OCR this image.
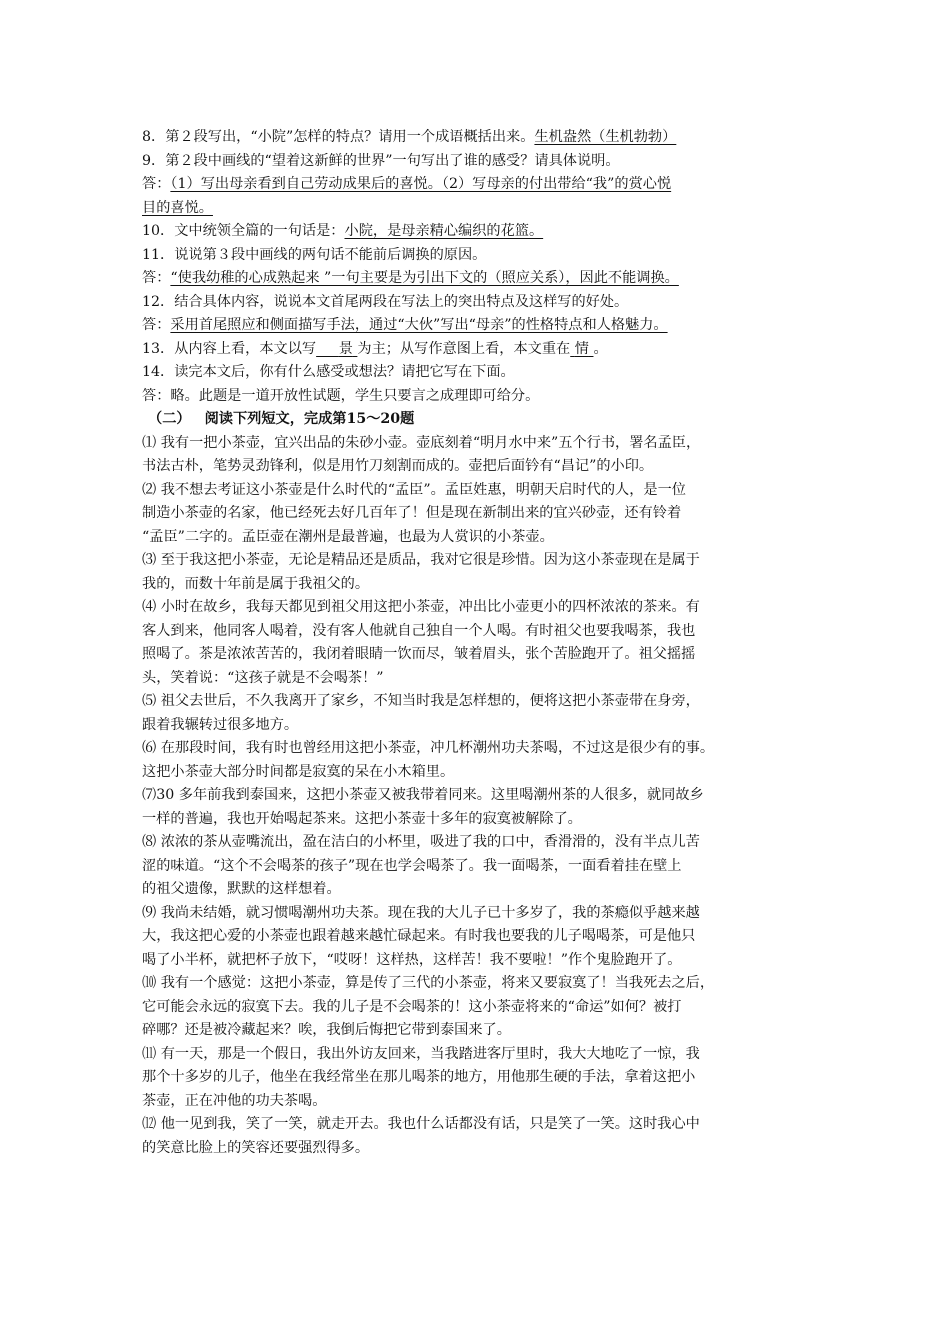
8．第２段写出，“小院”怎样的特点？请用一个成语概括出来。生机盎然（生机勃勃）
9．第２段中画线的“望着这新鲜的世界”一句写出了谁的感受？请具体说明。
答：（1）写出母亲看到自己劳动成果后的喜悦。（2）写母亲的付出带给“我”的赏心悦
目的喜悦。
10．文中统领全篇的一句话是：小院，是母亲精心编织的花篮。
11．说说第３段中画线的两句话不能前后调换的原因。
答：“使我幼稚的心成熟起来 ”一句主要是为引出下文的（照应关系），因此不能调换。
12．结合具体内容，说说本文首尾两段在写法上的突出特点及这样写的好处。
答：采用首尾照应和侧面描写手法，通过“大伙”写出“母亲”的性格特点和人格魅力。
13．从内容上看，本文以写 景 为主；从写作意图上看，本文重在 情 。
14．读完本文后，你有什么感受或想法？请把它写在下面。
答：略。此题是一道开放性试题，学生只要言之成理即可给分。
（二） 阅读下列短文，完成第15～20题
⑴ 我有一把小茶壶，宜兴出品的朱砂小壶。壶底刻着“明月水中来”五个行书，署名孟臣，
书法古朴，笔势灵劲锋利，似是用竹刀刻割而成的。壶把后面钤有“昌记”的小印。
⑵ 我不想去考证这小茶壶是什么时代的“孟臣”。孟臣姓惠，明朝天启时代的人，是一位
制造小茶壶的名家，他已经死去好几百年了！但是现在新制出来的宜兴砂壶，还有铃着
“孟臣”二字的。孟臣壶在潮州是最普遍，也最为人赏识的小茶壶。
⑶ 至于我这把小茶壶，无论是精品还是质品，我对它很是珍惜。因为这小茶壶现在是属于
我的，而数十年前是属于我祖父的。
⑷ 小时在故乡，我每天都见到祖父用这把小茶壶，冲出比小壶更小的四杯浓浓的茶来。有
客人到来，他同客人喝着，没有客人他就自己独自一个人喝。有时祖父也要我喝茶，我也
照喝了。茶是浓浓苦苦的，我闭着眼睛一饮而尽，皱着眉头，张个苦脸跑开了。祖父摇摇
头，笑着说：“这孩子就是不会喝茶！”
⑸ 祖父去世后，不久我离开了家乡，不知当时我是怎样想的，便将这把小茶壶带在身旁，
跟着我辗转过很多地方。
⑹ 在那段时间，我有时也曾经用这把小茶壶，冲几杯潮州功夫茶喝，不过这是很少有的事。
这把小茶壶大部分时间都是寂寞的呆在小木箱里。
⑺30 多年前我到泰国来，这把小茶壶又被我带着同来。这里喝潮州茶的人很多，就同故乡
一样的普遍，我也开始喝起茶来。这把小茶壶十多年的寂寞被解除了。
⑻ 浓浓的茶从壶嘴流出，盈在洁白的小杯里，吸进了我的口中，香滑滑的，没有半点儿苦
涩的味道。“这个不会喝茶的孩子”现在也学会喝茶了。我一面喝茶，一面看着挂在壁上
的祖父遗像，默默的这样想着。
⑼ 我尚未结婚，就习惯喝潮州功夫茶。现在我的大儿子已十多岁了，我的茶瘾似乎越来越
大，我这把心爱的小茶壶也跟着越来越忙碌起来。有时我也要我的儿子喝喝茶，可是他只
喝了小半杯，就把杯子放下，“哎呀！这样热，这样苦！我不要啦！”作个鬼脸跑开了。
⑽ 我有一个感觉：这把小茶壶，算是传了三代的小茶壶，将来又要寂寞了！当我死去之后，
它可能会永远的寂寞下去。我的儿子是不会喝茶的！这小茶壶将来的“命运”如何？被打
碎哪？还是被冷藏起来？唉，我倒后悔把它带到泰国来了。
⑾ 有一天，那是一个假日，我出外访友回来，当我踏进客厅里时，我大大地吃了一惊，我
那个十多岁的儿子，他坐在我经常坐在那儿喝茶的地方，用他那生硬的手法，拿着这把小
茶壶，正在冲他的功夫茶喝。
⑿ 他一见到我，笑了一笑，就走开去。我也什么话都没有话，只是笑了一笑。这时我心中
的笑意比脸上的笑容还要强烈得多。
